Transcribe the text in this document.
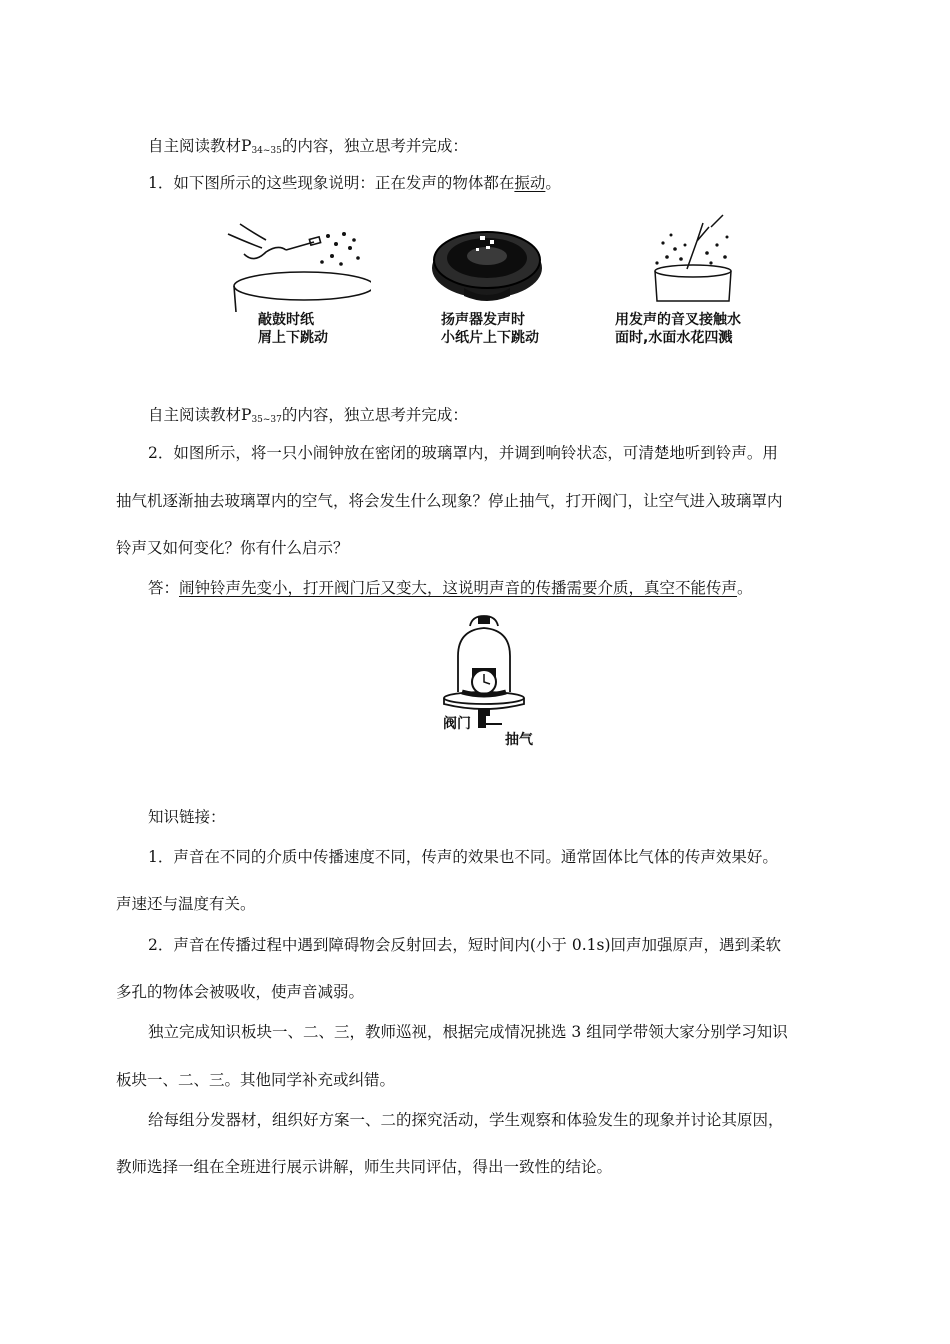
自主阅读教材$P_{34\sim 35}$的内容，独立思考并完成：
1．如下图所示的这些现象说明：正在发声的物体都在振动。
敲鼓时纸
屑上下跳动
扬声器发声时
小纸片上下跳动
用发声的音叉接触水
面时,水面水花四溅
自主阅读教材$P_{35\sim 37}$的内容，独立思考并完成：
2．如图所示，将一只小闹钟放在密闭的玻璃罩内，并调到响铃状态，可清楚地听到铃声。用
抽气机逐渐抽去玻璃罩内的空气，将会发生什么现象？停止抽气，打开阀门，让空气进入玻璃罩内
铃声又如何变化？你有什么启示？
答：闹钟铃声先变小，打开阀门后又变大，这说明声音的传播需要介质，真空不能传声。
阀门
抽气
知识链接：
1．声音在不同的介质中传播速度不同，传声的效果也不同。通常固体比气体的传声效果好。
声速还与温度有关。
2．声音在传播过程中遇到障碍物会反射回去，短时间内(小于 0.1s)回声加强原声，遇到柔软
多孔的物体会被吸收，使声音减弱。
独立完成知识板块一、二、三，教师巡视，根据完成情况挑选 3 组同学带领大家分别学习知识
板块一、二、三。其他同学补充或纠错。
给每组分发器材，组织好方案一、二的探究活动，学生观察和体验发生的现象并讨论其原因，
教师选择一组在全班进行展示讲解，师生共同评估，得出一致性的结论。
